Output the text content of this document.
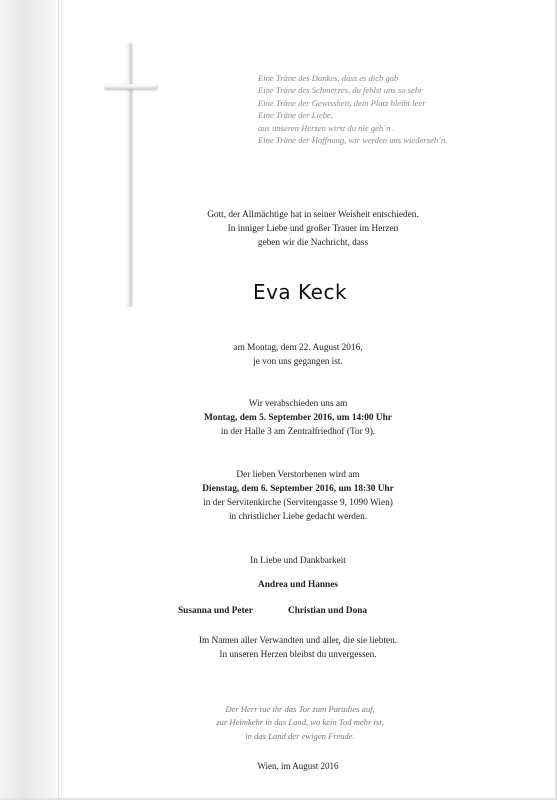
Eine Träne des Dankes, dass es dich gab
Eine Träne des Schmerzes, du fehlst uns so sehr
Eine Träne der Gewissheit, dein Platz bleibt leer
Eine Träne der Liebe,
aus unseren Herzen wirst du nie geh´n .
Eine Träne der Hoffnung, wir werden uns wiederseh´n.
Gott, der Allmächtige hat in seiner Weisheit entschieden.
In inniger Liebe und großer Trauer im Herzen
geben wir die Nachricht, dass
Eva Keck
am Montag, dem 22. August 2016,
je von uns gegangen ist.
Wir verabschieden uns am
Montag, dem 5. September 2016, um 14:00 Uhr
in der Halle 3 am Zentralfriedhof (Tor 9).
Der lieben Verstorbenen wird am
Dienstag, dem 6. September 2016, um 18:30 Uhr
in der Servitenkirche (Servitengasse 9, 1090 Wien)
in christlicher Liebe gedacht werden.
In Liebe und Dankbarkeit
Andrea und Hannes
Susanna und Peter	Christian und Dona
Im Namen aller Verwandten und aller, die sie liebten.
In unseren Herzen bleibst du unvergessen.
Der Herr tue ihr das Tor zum Paradies auf,
zur Heimkehr in das Land, wo kein Tod mehr ist,
in das Land der ewigen Freude.
Wien, im August 2016
